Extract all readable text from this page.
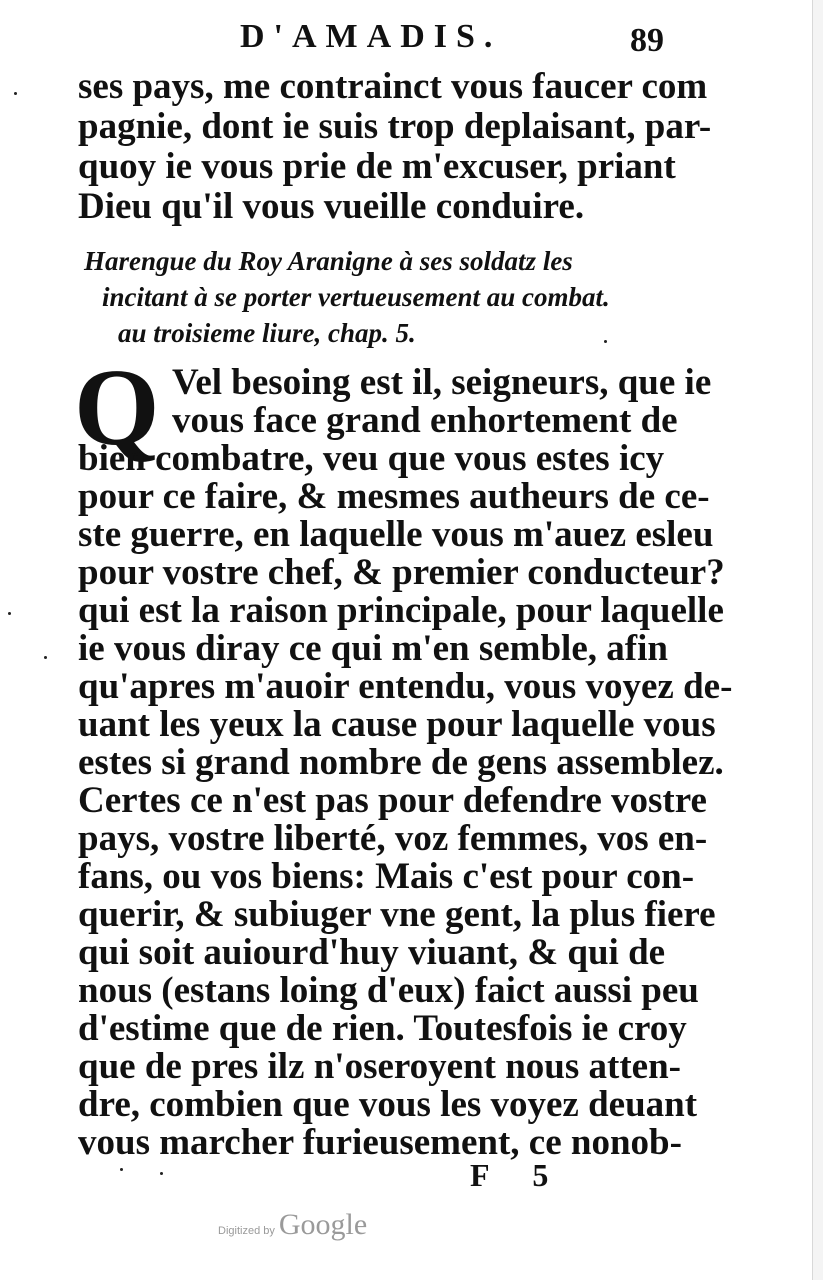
D'AMADIS.	89
ses pays, me contrainct vous faucer com
pagnie, dont ie suis trop deplaisant, par-
quoy ie vous prie de m'excuser, priant
Dieu qu'il vous vueille conduire.
Harengue du Roy Aranigne à ses soldatz les
incitant à se porter vertueusement au combat.
au troisieme liure, chap. 5.
Q Vel besoing est il, seigneurs, que ie
vous face grand enhortement de
bien combatre, veu que vous estes icy
pour ce faire, & mesmes autheurs de ce-
ste guerre, en laquelle vous m'auez esleu
pour vostre chef, & premier conducteur?
qui est la raison principale, pour laquelle
ie vous diray ce qui m'en semble, afin
qu'apres m'auoir entendu, vous voyez de-
uant les yeux la cause pour laquelle vous
estes si grand nombre de gens assemblez.
Certes ce n'est pas pour defendre vostre
pays, vostre liberté, voz femmes, vos en-
fans, ou vos biens: Mais c'est pour con-
querir, & subiuger vne gent, la plus fiere
qui soit auiourd'huy viuant, & qui de
nous (estans loing d'eux) faict aussi peu
d'estime que de rien. Toutesfois ie croy
que de pres ilz n'oseroyent nous atten-
dre, combien que vous les voyez deuant
vous marcher furieusement, ce nonob-
F 5
Digitized by Google
